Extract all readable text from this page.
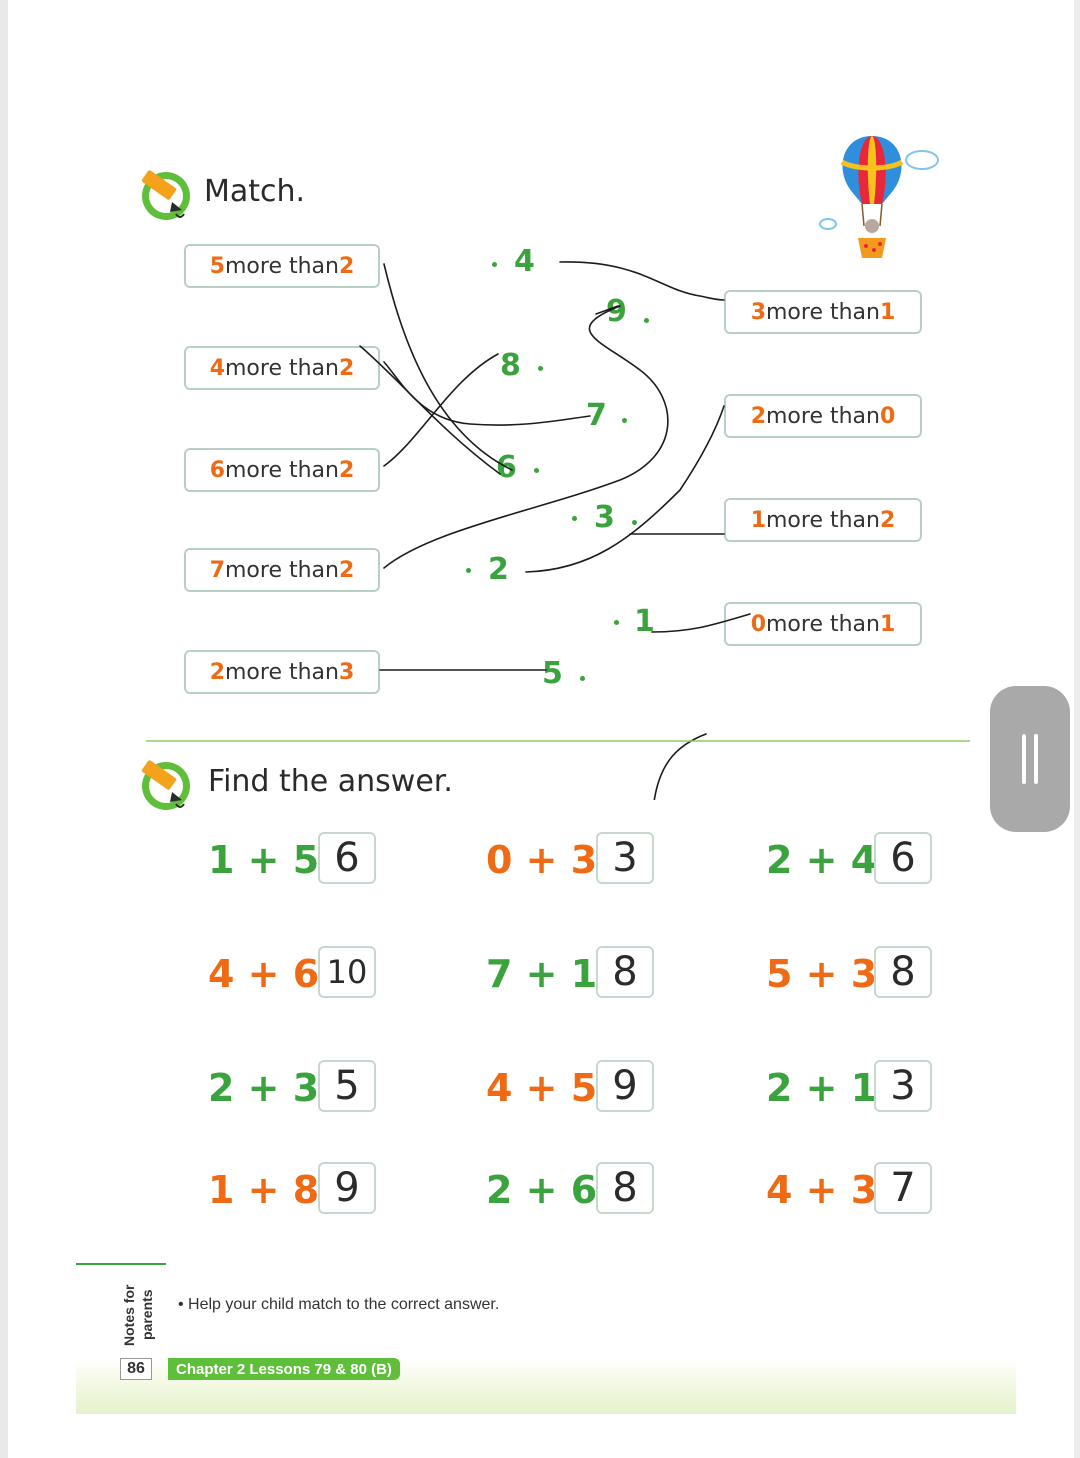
Match.
5 more than 2
4 more than 2
6 more than 2
7 more than 2
2 more than 3
4
9
8
7
6
3
2
1
5
3 more than 1
2 more than 0
1 more than 2
0 more than 1
Find the answer.
1 + 5 6	0 + 3 3	2 + 4 6
4 + 6 10	7 + 1 8	5 + 3 8
2 + 3 5	4 + 5 9	2 + 1 3
1 + 8 9	2 + 6 8	4 + 3 7
Notes for parents • Help your child match to the correct answer.
86	Chapter 2 Lessons 79 & 80 (B)
